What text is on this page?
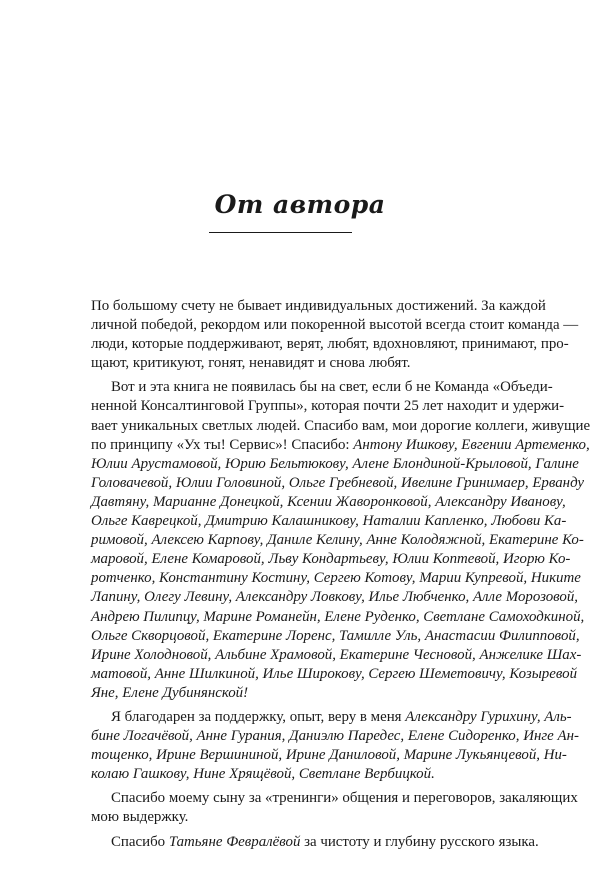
От автора

По большому счету не бывает индивидуальных достижений. За каждой
личной победой, рекордом или покоренной высотой всегда стоит команда —
люди, которые поддерживают, верят, любят, вдохновляют, принимают, про-
щают, критикуют, гонят, ненавидят и снова любят.

Вот и эта книга не появилась бы на свет, если б не Команда «Объеди-
ненной Консалтинговой Группы», которая почти 25 лет находит и удержи-
вает уникальных светлых людей. Спасибо вам, мои дорогие коллеги, живущие
по принципу «Ух ты! Сервис»! Спасибо: Антону Ишкову, Евгении Артеменко,
Юлии Арустамовой, Юрию Бельтюкову, Алене Блондиной-Крыловой, Галине
Головачевой, Юлии Головиной, Ольге Гребневой, Ивелине Гринимаер, Ерванду
Давтяну, Марианне Донецкой, Ксении Жаворонковой, Александру Иванову,
Ольге Каврецкой, Дмитрию Калашникову, Наталии Капленко, Любови Ка-
римовой, Алексею Карпову, Даниле Келину, Анне Колодяжной, Екатерине Ко-
маровой, Елене Комаровой, Льву Кондартьеву, Юлии Коптевой, Игорю Ко-
ротченко, Константину Костину, Сергею Котову, Марии Купревой, Никите
Лапину, Олегу Левину, Александру Ловкову, Илье Любченко, Алле Морозовой,
Андрею Пилипцу, Марине Романейн, Елене Руденко, Светлане Самоходкиной,
Ольге Скворцовой, Екатерине Лоренс, Тамилле Уль, Анастасии Филипповой,
Ирине Холодновой, Альбине Храмовой, Екатерине Чесновой, Анжелике Шах-
матовой, Анне Шилкиной, Илье Широкову, Сергею Шеметовичу, Козыревой
Яне, Елене Дубинянской!

Я благодарен за поддержку, опыт, веру в меня Александру Гурихину, Аль-
бине Логачёвой, Анне Гурания, Даниэлю Паредес, Елене Сидоренко, Инге Ан-
тощенко, Ирине Вершининой, Ирине Даниловой, Марине Лукьянцевой, Ни-
колаю Гашкову, Нине Хрящёвой, Светлане Вербицкой.

Спасибо моему сыну за «тренинги» общения и переговоров, закаляющих
мою выдержку.

Спасибо Татьяне Февралёвой за чистоту и глубину русского языка.
